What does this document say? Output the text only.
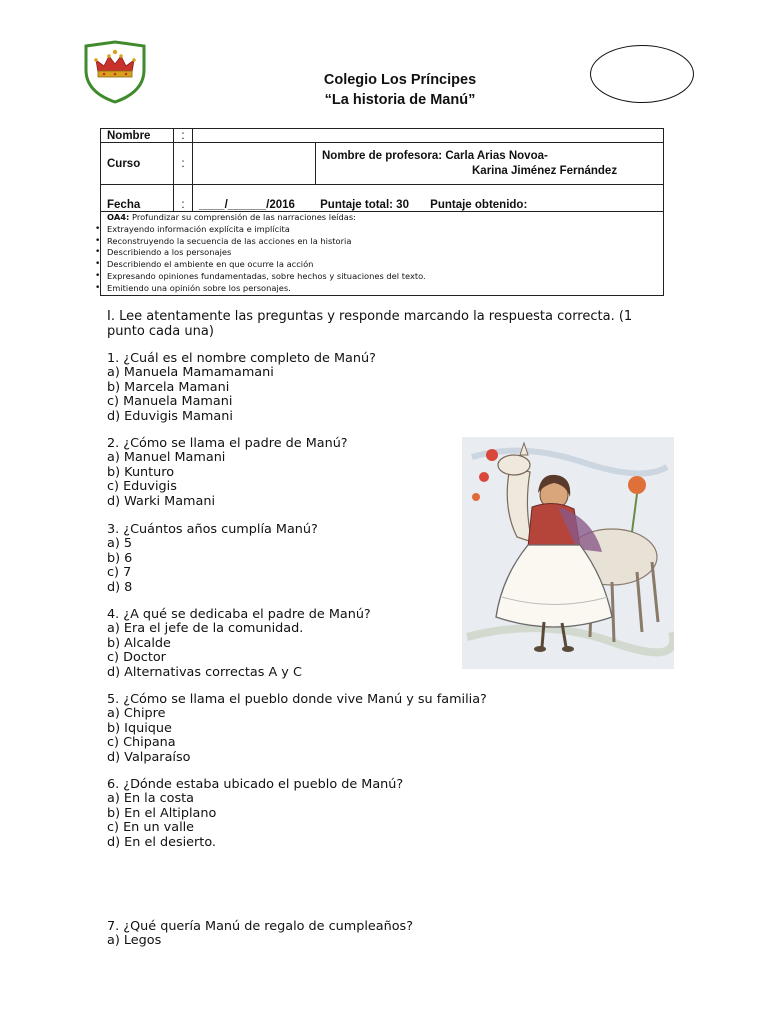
Colegio Los Príncipes
“La historia de Manú”
Nombre	:		
Curso	:		Nombre de profesora: Carla Arias Novoa-
Karina Jiménez Fernández
Fecha	:	____/______/2016 Puntaje total: 30 Puntaje obtenido:	
OA4: Profundizar su comprensión de las narraciones leídas:
• Extrayendo información explícita e implícita
• Reconstruyendo la secuencia de las acciones en la historia
• Describiendo a los personajes
• Describiendo el ambiente en que ocurre la acción
• Expresando opiniones fundamentadas, sobre hechos y situaciones del texto.
• Emitiendo una opinión sobre los personajes.
I. Lee atentamente las preguntas y responde marcando la respuesta correcta. (1 punto cada una)
1. ¿Cuál es el nombre completo de Manú?
a) Manuela Mamamamani
b) Marcela Mamani
c) Manuela Mamani
d) Eduvigis Mamani
2. ¿Cómo se llama el padre de Manú?
a) Manuel Mamani
b) Kunturo
c) Eduvigis
d) Warki Mamani
3. ¿Cuántos años cumplía Manú?
a) 5
b) 6
c) 7
d) 8
4. ¿A qué se dedicaba el padre de Manú?
a) Era el jefe de la comunidad.
b) Alcalde
c) Doctor
d) Alternativas correctas A y C
5. ¿Cómo se llama el pueblo donde vive Manú y su familia?
a) Chipre
b) Iquique
c) Chipana
d) Valparaíso
6. ¿Dónde estaba ubicado el pueblo de Manú?
a) En la costa
b) En el Altiplano
c) En un valle
d) En el desierto.
7. ¿Qué quería Manú de regalo de cumpleaños?
a) Legos
